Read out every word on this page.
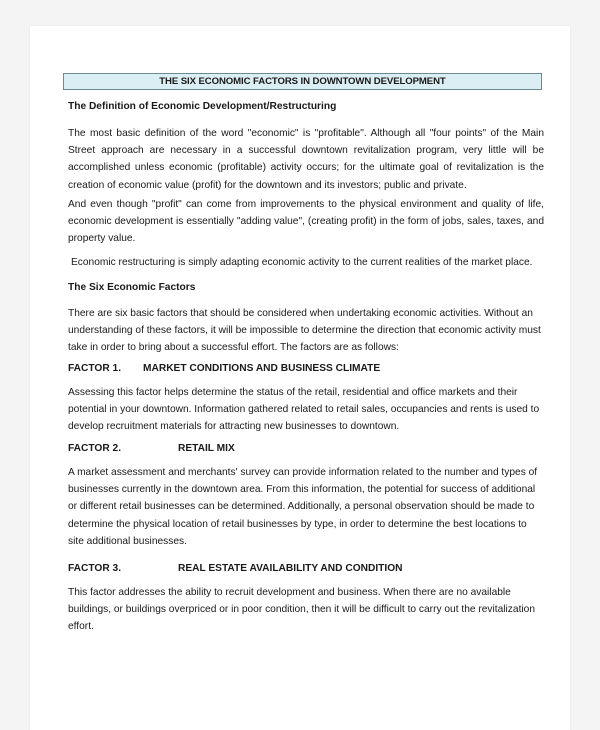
THE SIX ECONOMIC FACTORS IN DOWNTOWN DEVELOPMENT
The Definition of Economic Development/Restructuring
The most basic definition of the word "economic" is "profitable". Although all "four points" of the Main Street approach are necessary in a successful downtown revitalization program, very little will be accomplished unless economic (profitable) activity occurs; for the ultimate goal of revitalization is the creation of economic value (profit) for the downtown and its investors; public and private.
And even though "profit" can come from improvements to the physical environment and quality of life, economic development is essentially "adding value", (creating profit) in the form of jobs, sales, taxes, and property value.
Economic restructuring is simply adapting economic activity to the current realities of the market place.
The Six Economic Factors
There are six basic factors that should be considered when undertaking economic activities. Without an understanding of these factors, it will be impossible to determine the direction that economic activity must take in order to bring about a successful effort. The factors are as follows:
FACTOR 1. MARKET CONDITIONS AND BUSINESS CLIMATE
Assessing this factor helps determine the status of the retail, residential and office markets and their potential in your downtown. Information gathered related to retail sales, occupancies and rents is used to develop recruitment materials for attracting new businesses to downtown.
FACTOR 2.	RETAIL MIX
A market assessment and merchants' survey can provide information related to the number and types of businesses currently in the downtown area. From this information, the potential for success of additional or different retail businesses can be determined. Additionally, a personal observation should be made to determine the physical location of retail businesses by type, in order to determine the best locations to site additional businesses.
FACTOR 3.	REAL ESTATE AVAILABILITY AND CONDITION
This factor addresses the ability to recruit development and business. When there are no available buildings, or buildings overpriced or in poor condition, then it will be difficult to carry out the revitalization effort.
